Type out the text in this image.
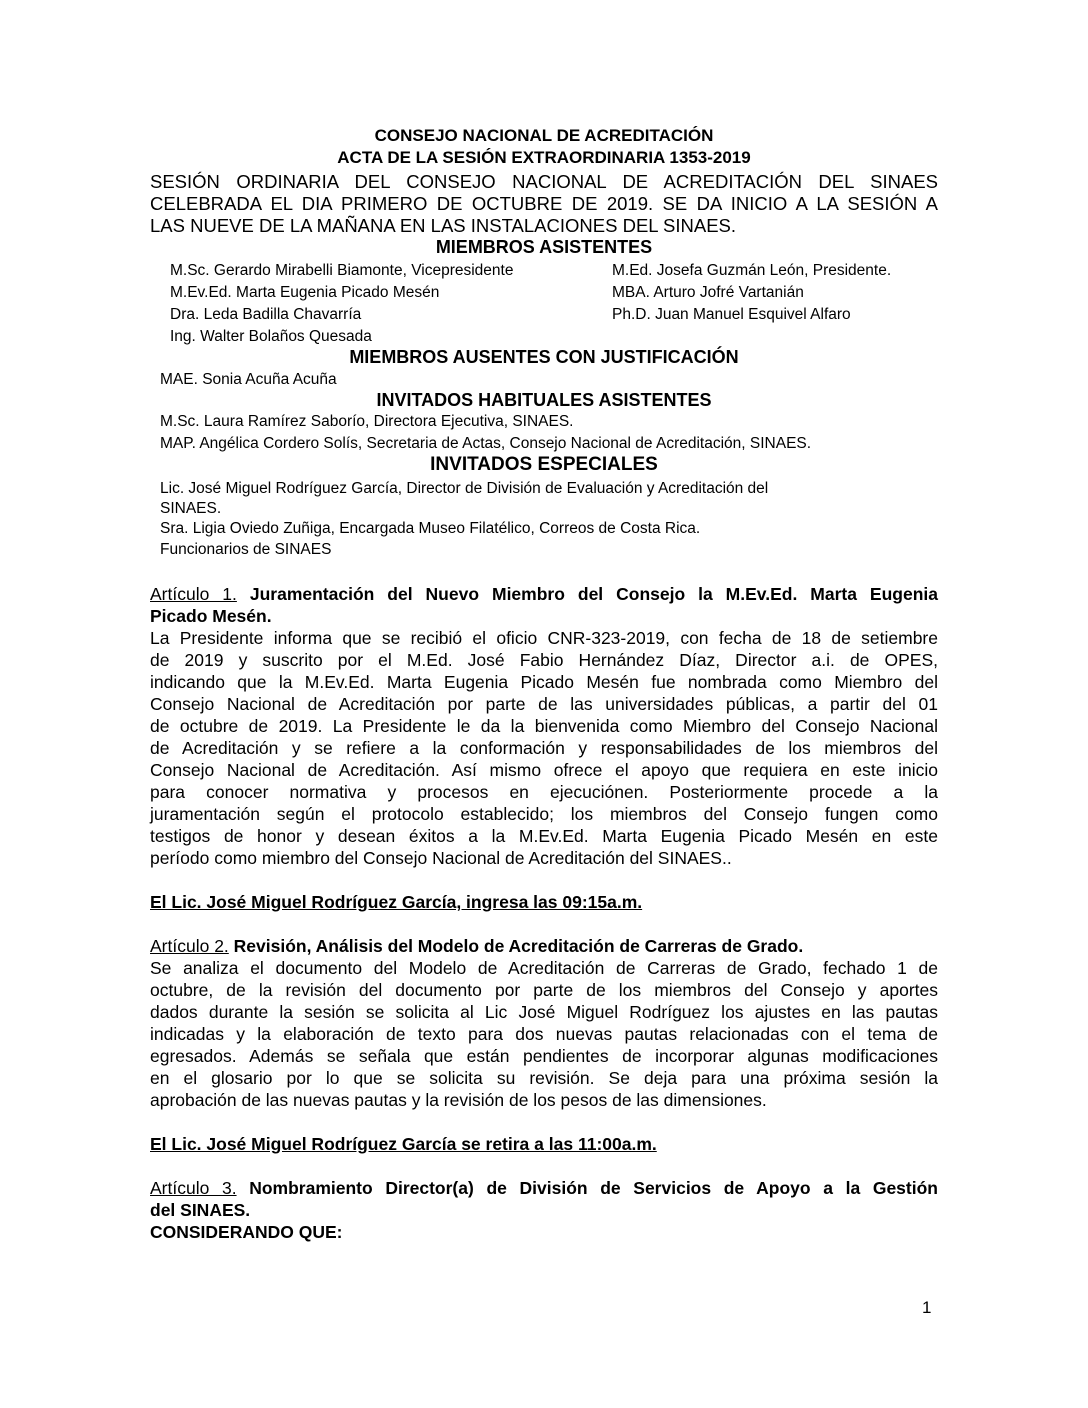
CONSEJO NACIONAL DE ACREDITACIÓN
ACTA DE LA SESIÓN EXTRAORDINARIA 1353-2019
SESIÓN ORDINARIA DEL CONSEJO NACIONAL DE ACREDITACIÓN DEL SINAES
CELEBRADA EL DIA PRIMERO DE OCTUBRE DE 2019. SE DA INICIO A LA SESIÓN A
LAS NUEVE DE LA MAÑANA EN LAS INSTALACIONES DEL SINAES.
MIEMBROS ASISTENTES
M.Sc. Gerardo Mirabelli Biamonte, Vicepresidente
M.Ev.Ed. Marta Eugenia Picado Mesén
Dra. Leda Badilla Chavarría
Ing. Walter Bolaños Quesada
M.Ed. Josefa Guzmán León, Presidente.
MBA. Arturo Jofré Vartanián
Ph.D. Juan Manuel Esquivel Alfaro
MIEMBROS AUSENTES CON JUSTIFICACIÓN
MAE. Sonia Acuña Acuña
INVITADOS HABITUALES ASISTENTES
M.Sc. Laura Ramírez Saborío, Directora Ejecutiva, SINAES.
MAP. Angélica Cordero Solís, Secretaria de Actas, Consejo Nacional de Acreditación, SINAES.
INVITADOS ESPECIALES
Lic. José Miguel Rodríguez García, Director de División de Evaluación y Acreditación del
SINAES.
Sra. Ligia Oviedo Zuñiga, Encargada Museo Filatélico, Correos de Costa Rica.
Funcionarios de SINAES
Artículo 1. Juramentación del Nuevo Miembro del Consejo la M.Ev.Ed. Marta Eugenia
Picado Mesén.
La Presidente informa que se recibió el oficio CNR-323-2019, con fecha de 18 de setiembre
de 2019 y suscrito por el M.Ed. José Fabio Hernández Díaz, Director a.i. de OPES,
indicando que la M.Ev.Ed. Marta Eugenia Picado Mesén fue nombrada como Miembro del
Consejo Nacional de Acreditación por parte de las universidades públicas, a partir del 01
de octubre de 2019. La Presidente le da la bienvenida como Miembro del Consejo Nacional
de Acreditación y se refiere a la conformación y responsabilidades de los miembros del
Consejo Nacional de Acreditación. Así mismo ofrece el apoyo que requiera en este inicio
para conocer normativa y procesos en ejecuciónen. Posteriormente procede a la
juramentación según el protocolo establecido; los miembros del Consejo fungen como
testigos de honor y desean éxitos a la M.Ev.Ed. Marta Eugenia Picado Mesén en este
período como miembro del Consejo Nacional de Acreditación del SINAES..
El Lic. José Miguel Rodríguez García, ingresa las 09:15a.m.
Artículo 2. Revisión, Análisis del Modelo de Acreditación de Carreras de Grado.
Se analiza el documento del Modelo de Acreditación de Carreras de Grado, fechado 1 de
octubre, de la revisión del documento por parte de los miembros del Consejo y aportes
dados durante la sesión se solicita al Lic José Miguel Rodríguez los ajustes en las pautas
indicadas y la elaboración de texto para dos nuevas pautas relacionadas con el tema de
egresados. Además se señala que están pendientes de incorporar algunas modificaciones
en el glosario por lo que se solicita su revisión. Se deja para una próxima sesión la
aprobación de las nuevas pautas y la revisión de los pesos de las dimensiones.
El Lic. José Miguel Rodríguez García se retira a las 11:00a.m.
Artículo 3. Nombramiento Director(a) de División de Servicios de Apoyo a la Gestión
del SINAES.
CONSIDERANDO QUE:
1
